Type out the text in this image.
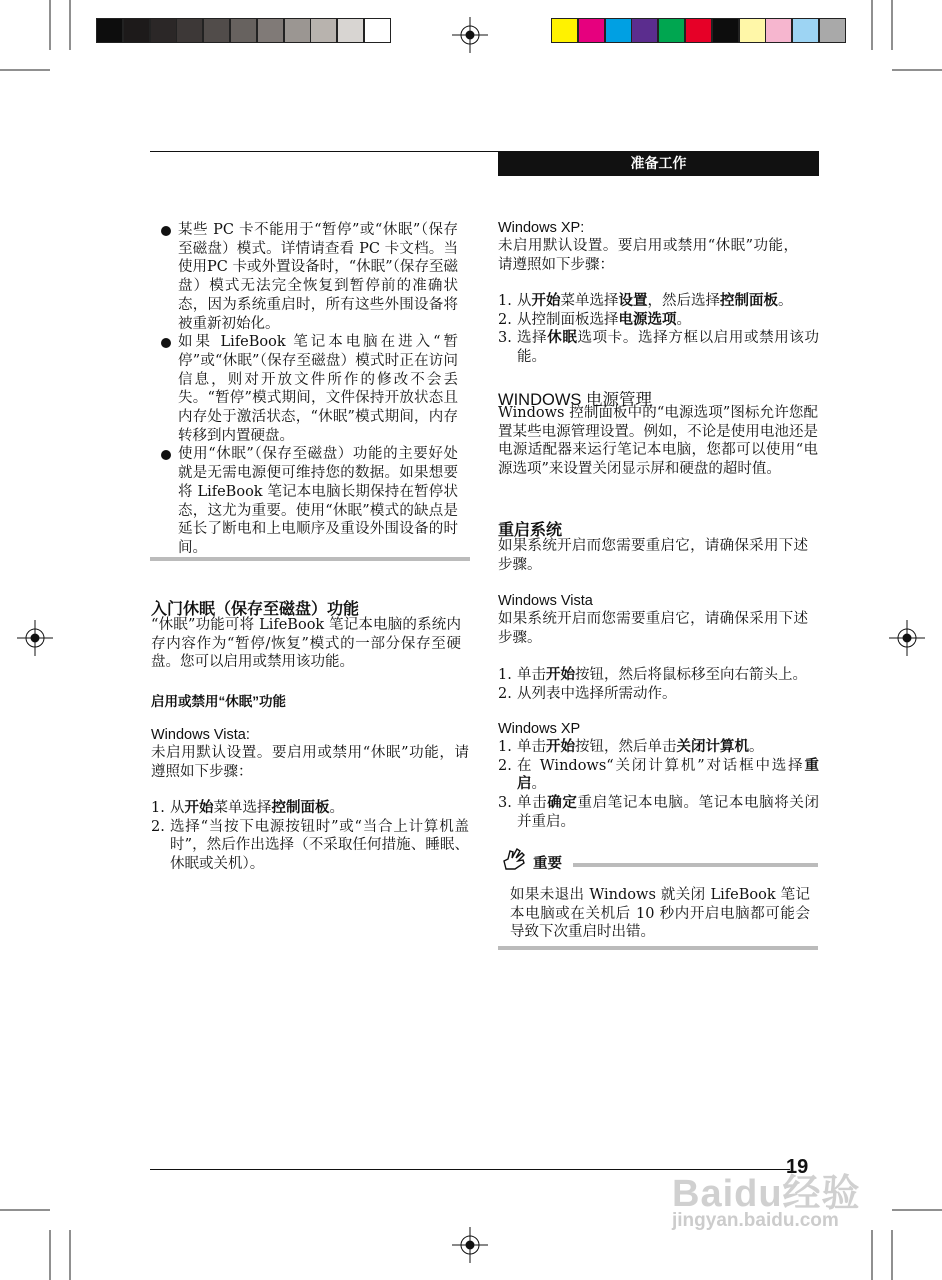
准备工作
某些 PC 卡不能用于“暂停”或“休眠”（保存至磁盘）模式。详情请查看 PC 卡文档。当使用PC 卡或外置设备时，“休眠”（保存至磁盘）模式无法完全恢复到暂停前的准确状态，因为系统重启时，所有这些外围设备将被重新初始化。
如果 LifeBook 笔记本电脑在进入“暂停”或“休眠”（保存至磁盘）模式时正在访问信息，则对开放文件所作的修改不会丢失。“暂停”模式期间，文件保持开放状态且内存处于激活状态，“休眠”模式期间，内存转移到内置硬盘。
使用“休眠”（保存至磁盘）功能的主要好处就是无需电源便可维持您的数据。如果想要将 LifeBook 笔记本电脑长期保持在暂停状态，这尤为重要。使用“休眠”模式的缺点是延长了断电和上电顺序及重设外围设备的时间。
入门休眠（保存至磁盘）功能
“休眠”功能可将 LifeBook 笔记本电脑的系统内存内容作为“暂停/恢复”模式的一部分保存至硬盘。您可以启用或禁用该功能。
启用或禁用“休眠”功能
Windows Vista:
未启用默认设置。要启用或禁用“休眠”功能，请遵照如下步骤：
1. 从开始菜单选择控制面板。
2. 选择“当按下电源按钮时”或“当合上计算机盖时”，然后作出选择（不采取任何措施、睡眠、休眠或关机）。
Windows XP:
未启用默认设置。要启用或禁用“休眠”功能，请遵照如下步骤：
1. 从开始菜单选择设置，然后选择控制面板。
2. 从控制面板选择电源选项。
3. 选择休眠选项卡。选择方框以启用或禁用该功能。
WINDOWS 电源管理
Windows 控制面板中的“电源选项”图标允许您配置某些电源管理设置。例如，不论是使用电池还是电源适配器来运行笔记本电脑，您都可以使用“电源选项”来设置关闭显示屏和硬盘的超时值。
重启系统
如果系统开启而您需要重启它，请确保采用下述步骤。
Windows Vista
如果系统开启而您需要重启它，请确保采用下述步骤。
1. 单击开始按钮，然后将鼠标移至向右箭头上。
2. 从列表中选择所需动作。
Windows XP
1. 单击开始按钮，然后单击关闭计算机。
2. 在 Windows“关闭计算机”对话框中选择重启。
3. 单击确定重启笔记本电脑。笔记本电脑将关闭并重启。
重要
如果未退出 Windows 就关闭 LifeBook 笔记本电脑或在关机后 10 秒内开启电脑都可能会导致下次重启时出错。
19
Baidu经验
jingyan.baidu.com
